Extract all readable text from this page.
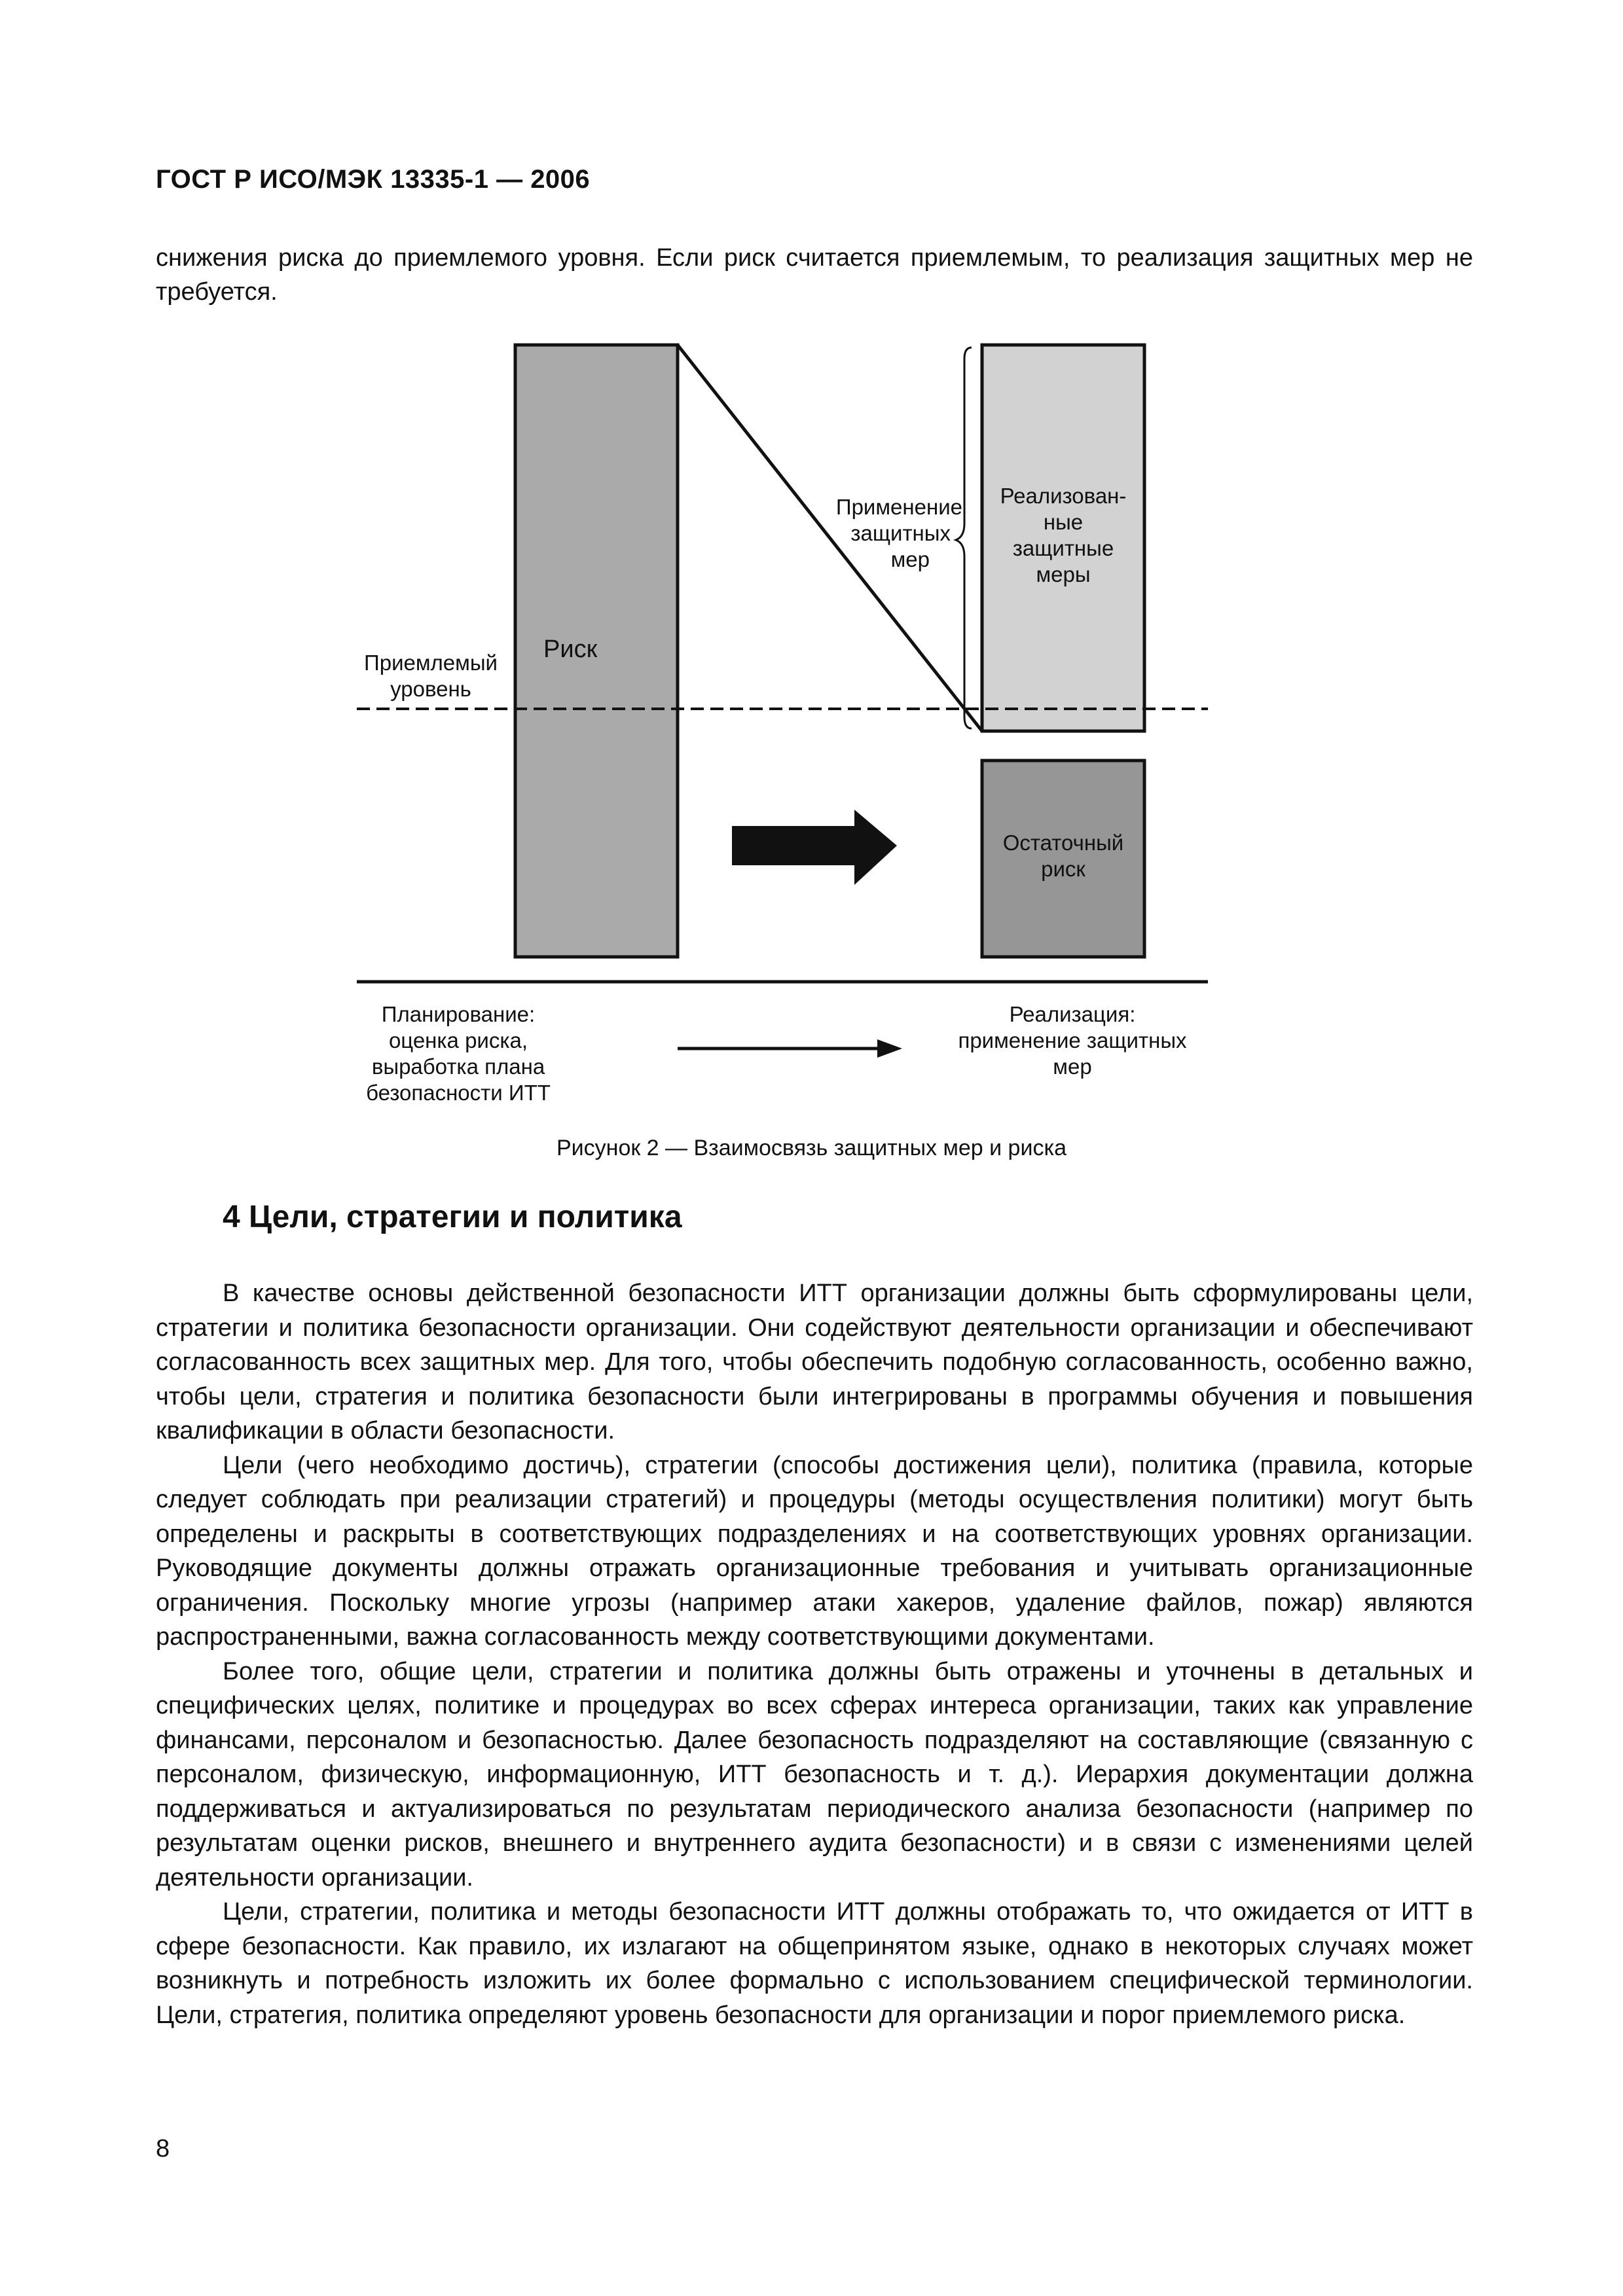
ГОСТ Р ИСО/МЭК 13335-1 — 2006

снижения риска до приемлемого уровня. Если риск считается приемлемым, то реализация защитных мер не требуется.

Риск
Приемлемый
уровень
Применение
защитных
мер
Реализован-
ные
защитные
меры
Остаточный
риск
Планирование:
оценка риска,
выработка плана
безопасности ИТТ
Реализация:
применение защитных
мер

Рисунок 2 — Взаимосвязь защитных мер и риска

4 Цели, стратегии и политика

В качестве основы действенной безопасности ИТТ организации должны быть сформулированы цели, стратегии и политика безопасности организации. Они содействуют деятельности организации и обеспечивают согласованность всех защитных мер. Для того, чтобы обеспечить подобную согласованность, особенно важно, чтобы цели, стратегия и политика безопасности были интегрированы в программы обучения и повышения квалификации в области безопасности.

Цели (чего необходимо достичь), стратегии (способы достижения цели), политика (правила, которые следует соблюдать при реализации стратегий) и процедуры (методы осуществления политики) могут быть определены и раскрыты в соответствующих подразделениях и на соответствующих уровнях организации. Руководящие документы должны отражать организационные требования и учитывать организационные ограничения. Поскольку многие угрозы (например атаки хакеров, удаление файлов, пожар) являются распространенными, важна согласованность между соответствующими документами.

Более того, общие цели, стратегии и политика должны быть отражены и уточнены в детальных и специфических целях, политике и процедурах во всех сферах интереса организации, таких как управление финансами, персоналом и безопасностью. Далее безопасность подразделяют на составляющие (связанную с персоналом, физическую, информационную, ИТТ безопасность и т. д.). Иерархия документации должна поддерживаться и актуализироваться по результатам периодического анализа безопасности (например по результатам оценки рисков, внешнего и внутреннего аудита безопасности) и в связи с изменениями целей деятельности организации.

Цели, стратегии, политика и методы безопасности ИТТ должны отображать то, что ожидается от ИТТ в сфере безопасности. Как правило, их излагают на общепринятом языке, однако в некоторых случаях может возникнуть и потребность изложить их более формально с использованием специфической терминологии. Цели, стратегия, политика определяют уровень безопасности для организации и порог приемлемого риска.

8
